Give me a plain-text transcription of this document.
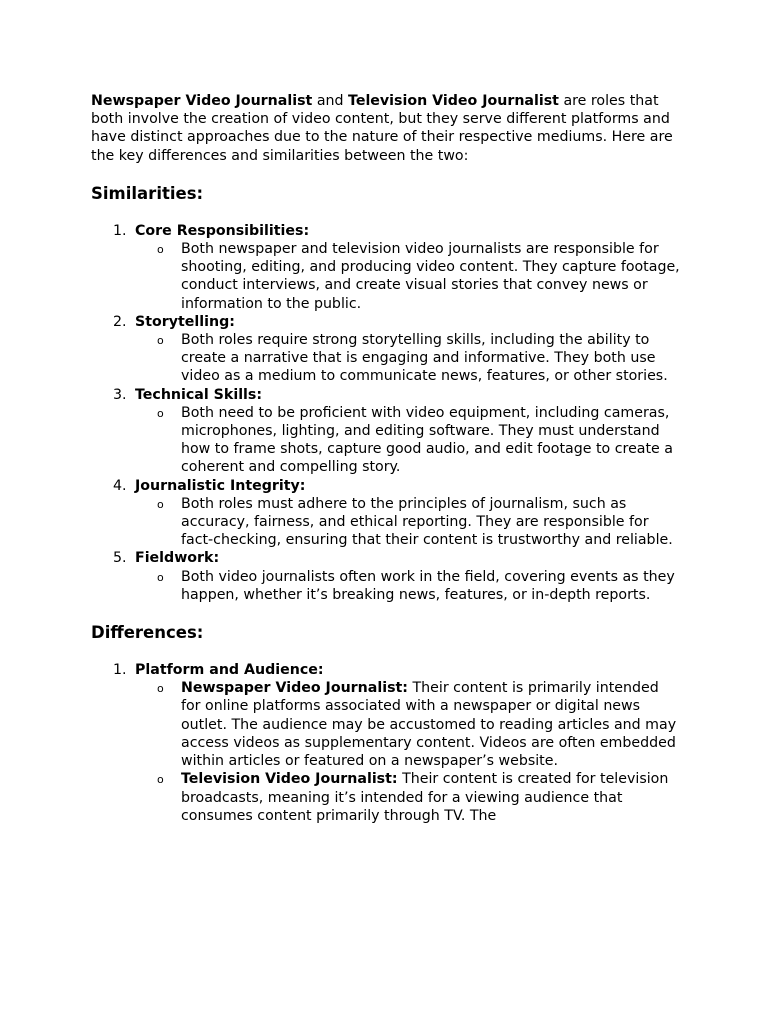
Newspaper Video Journalist and Television Video Journalist are roles that both involve the creation of video content, but they serve different platforms and have distinct approaches due to the nature of their respective mediums. Here are the key differences and similarities between the two:

Similarities:
1. Core Responsibilities:
o Both newspaper and television video journalists are responsible for shooting, editing, and producing video content. They capture footage, conduct interviews, and create visual stories that convey news or information to the public.
2. Storytelling:
o Both roles require strong storytelling skills, including the ability to create a narrative that is engaging and informative. They both use video as a medium to communicate news, features, or other stories.
3. Technical Skills:
o Both need to be proficient with video equipment, including cameras, microphones, lighting, and editing software. They must understand how to frame shots, capture good audio, and edit footage to create a coherent and compelling story.
4. Journalistic Integrity:
o Both roles must adhere to the principles of journalism, such as accuracy, fairness, and ethical reporting. They are responsible for fact-checking, ensuring that their content is trustworthy and reliable.
5. Fieldwork:
o Both video journalists often work in the field, covering events as they happen, whether it’s breaking news, features, or in-depth reports.
Differences:
1. Platform and Audience:
o Newspaper Video Journalist: Their content is primarily intended for online platforms associated with a newspaper or digital news outlet. The audience may be accustomed to reading articles and may access videos as supplementary content. Videos are often embedded within articles or featured on a newspaper’s website.
o Television Video Journalist: Their content is created for television broadcasts, meaning it’s intended for a viewing audience that consumes content primarily through TV. The
